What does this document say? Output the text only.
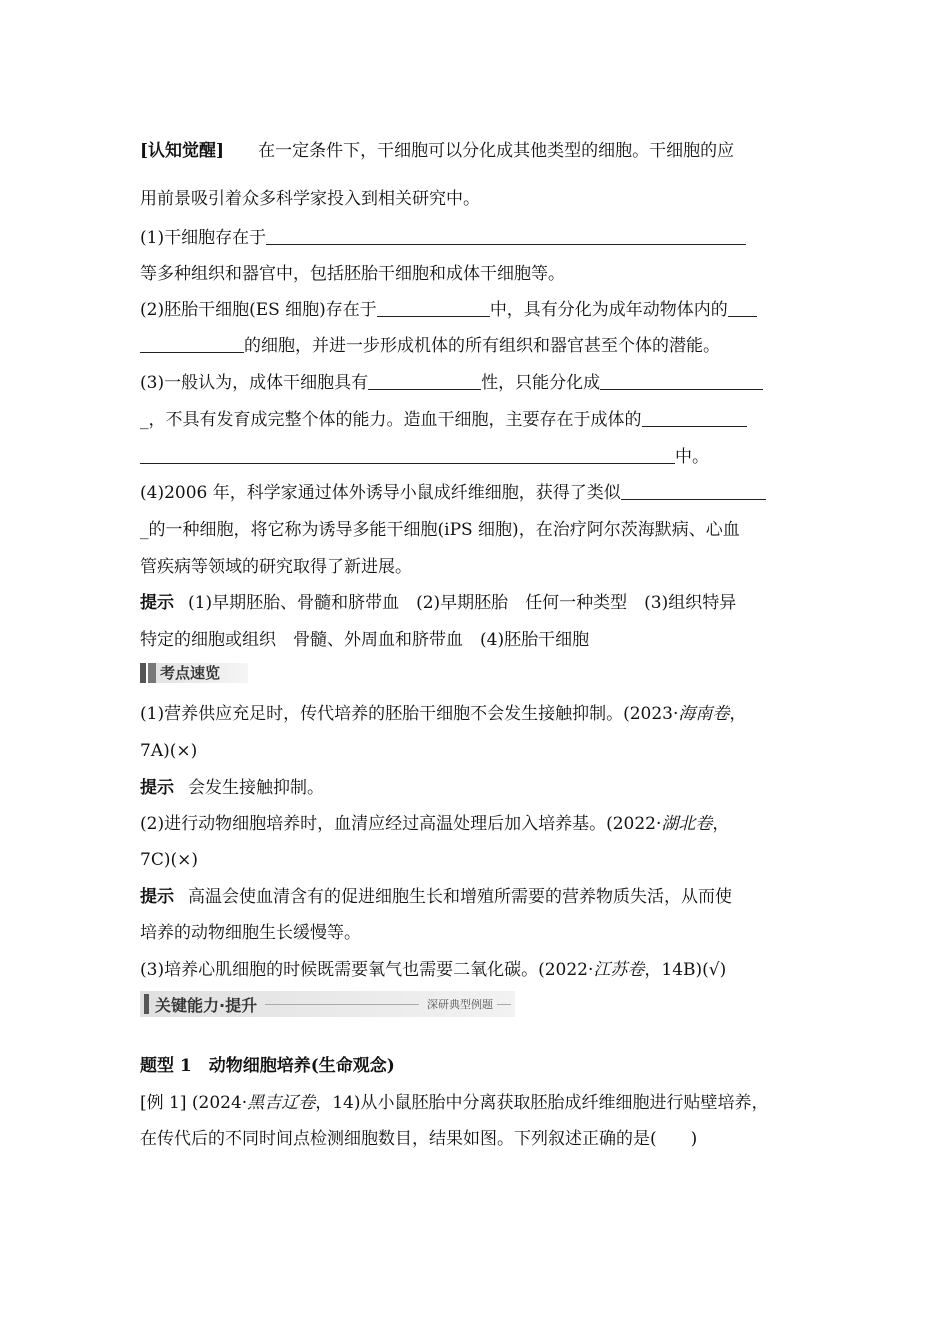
[认知觉醒] 在一定条件下，干细胞可以分化成其他类型的细胞。干细胞的应
用前景吸引着众多科学家投入到相关研究中。
(1)干细胞存在于
等多种组织和器官中，包括胚胎干细胞和成体干细胞等。
(2)胚胎干细胞(ES 细胞)存在于	中，具有分化为成年动物体内的
的细胞，并进一步形成机体的所有组织和器官甚至个体的潜能。
(3)一般认为，成体干细胞具有	性，只能分化成
_，不具有发育成完整个体的能力。造血干细胞，主要存在于成体的
中。
(4)2006 年，科学家通过体外诱导小鼠成纤维细胞，获得了类似
_的一种细胞，将它称为诱导多能干细胞(iPS 细胞)，在治疗阿尔茨海默病、心血
管疾病等领域的研究取得了新进展。
提示 (1)早期胚胎、骨髓和脐带血　(2)早期胚胎　任何一种类型　(3)组织特异
特定的细胞或组织　骨髓、外周血和脐带血　(4)胚胎干细胞
考点速览
(1)营养供应充足时，传代培养的胚胎干细胞不会发生接触抑制。(2023·海南卷，
7A)(×)
提示 会发生接触抑制。
(2)进行动物细胞培养时，血清应经过高温处理后加入培养基。(2022·湖北卷，
7C)(×)
提示 高温会使血清含有的促进细胞生长和增殖所需要的营养物质失活，从而使
培养的动物细胞生长缓慢等。
(3)培养心肌细胞的时候既需要氧气也需要二氧化碳。(2022·江苏卷，14B)(√)
关键能力·提升	深研典型例题
题型 1　动物细胞培养(生命观念)
[例 1] (2024·黑吉辽卷，14)从小鼠胚胎中分离获取胚胎成纤维细胞进行贴壁培养，
在传代后的不同时间点检测细胞数目，结果如图。下列叙述正确的是(　　)
